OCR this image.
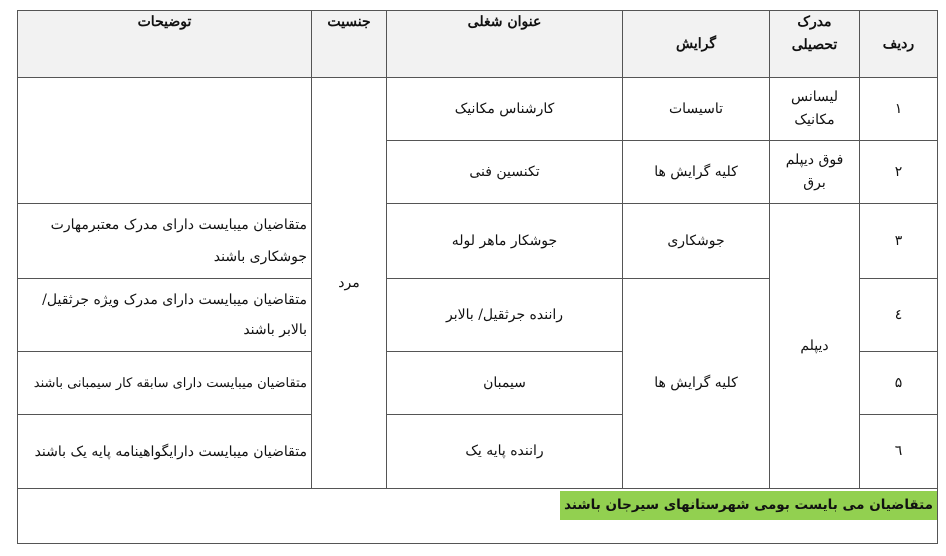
ردیف	مدرک تحصیلی	گرایش	عنوان شغلی	جنسیت	توضیحات
۱	لیسانس مکانیک	تاسیسات	کارشناس مکانیک	مرد	
۲	فوق دیپلم برق	کلیه گرایش ها	تکنسین فنی		
۳	دیپلم	جوشکاری	جوشکار ماهر لوله		متقاضیان میبایست دارای مدرک معتبرمهارت جوشکاری باشند
٤		کلیه گرایش ها	راننده جرثقیل/ بالابر		متقاضیان میبایست دارای مدرک ویژه جرثقیل/بالابر باشند
۵			سیمبان		متقاضیان میبایست دارای سابقه کار سیمبانی باشند
٦			راننده پایه یک		متقاضیان میبایست دارایگواهینامه پایه یک باشند
متقاضیان می بایست بومی شهرستانهای سیرجان باشند					
